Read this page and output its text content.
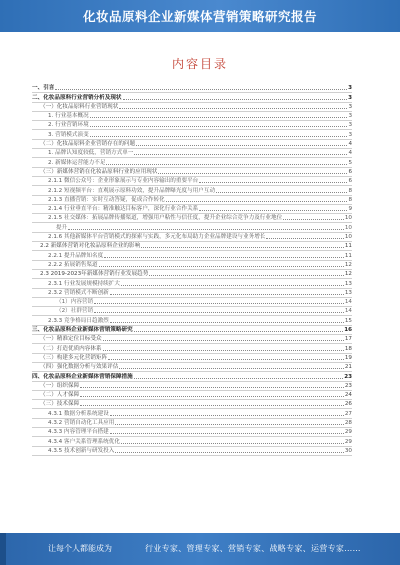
化妆品原料企业新媒体营销策略研究报告
内容目录
一、引言	3
二、化妆品原料行业营销分析及现状	3
（一）化妆品原料行业营销现状	3
1. 行业基本概况	3
2. 行业营销环境	3
3. 营销模式演变	3
（二）化妆品原料企业营销存在的问题	4
1. 品牌认知度较低，营销方式单一	4
2. 新媒体运营能力不足	5
（三）新媒体营销在化妆品原料行业的应用现状	6
2.1.1 微信公众号：企业形象展示与专业内容输出的重要平台	6
2.1.2 短视频平台：直观展示原料功效，提升品牌曝光度与用户互动	8
2.1.3 直播营销：实时互动答疑，促成合作转化	8
2.1.4 行业垂直平台：精准触达目标客户，深化行业合作关系	9
2.1.5 社交媒体：拓展品牌传播渠道，增强用户粘性与信任度，提升企业综合竞争力及行业地位	10
提升	10
2.1.6 其他新媒体平台营销模式的探索与实践，多元化布局助力企业品牌建设与业务增长	10
2.2 新媒体营销对化妆品原料企业的影响	11
2.2.1 提升品牌知名度	11
2.2.2 拓展销售渠道	12
2.3 2019-2023年新媒体营销行业发展趋势	12
2.3.1 行业发展规模持续扩大	13
2.3.2 营销模式不断创新	13
（1）内容营销	14
（2）社群营销	14
2.3.3 竞争格局日趋激烈	15
三、化妆品原料企业新媒体营销策略研究	16
（一）精准定位目标受众	17
（二）打造优质内容体系	18
（三）构建多元化营销矩阵	19
（四）强化数据分析与效果评估	21
四、化妆品原料企业新媒体营销保障措施	23
（一）组织保障	23
（二）人才保障	24
（三）技术保障	26
4.3.1 数据分析系统建设	27
4.3.2 营销自动化工具应用	28
4.3.3 内容管理平台搭建	29
4.3.4 客户关系管理系统优化	29
4.3.5 技术创新与研发投入	30
让每个人都能成为	行业专家、管理专家、营销专家、战略专家、运营专家……
